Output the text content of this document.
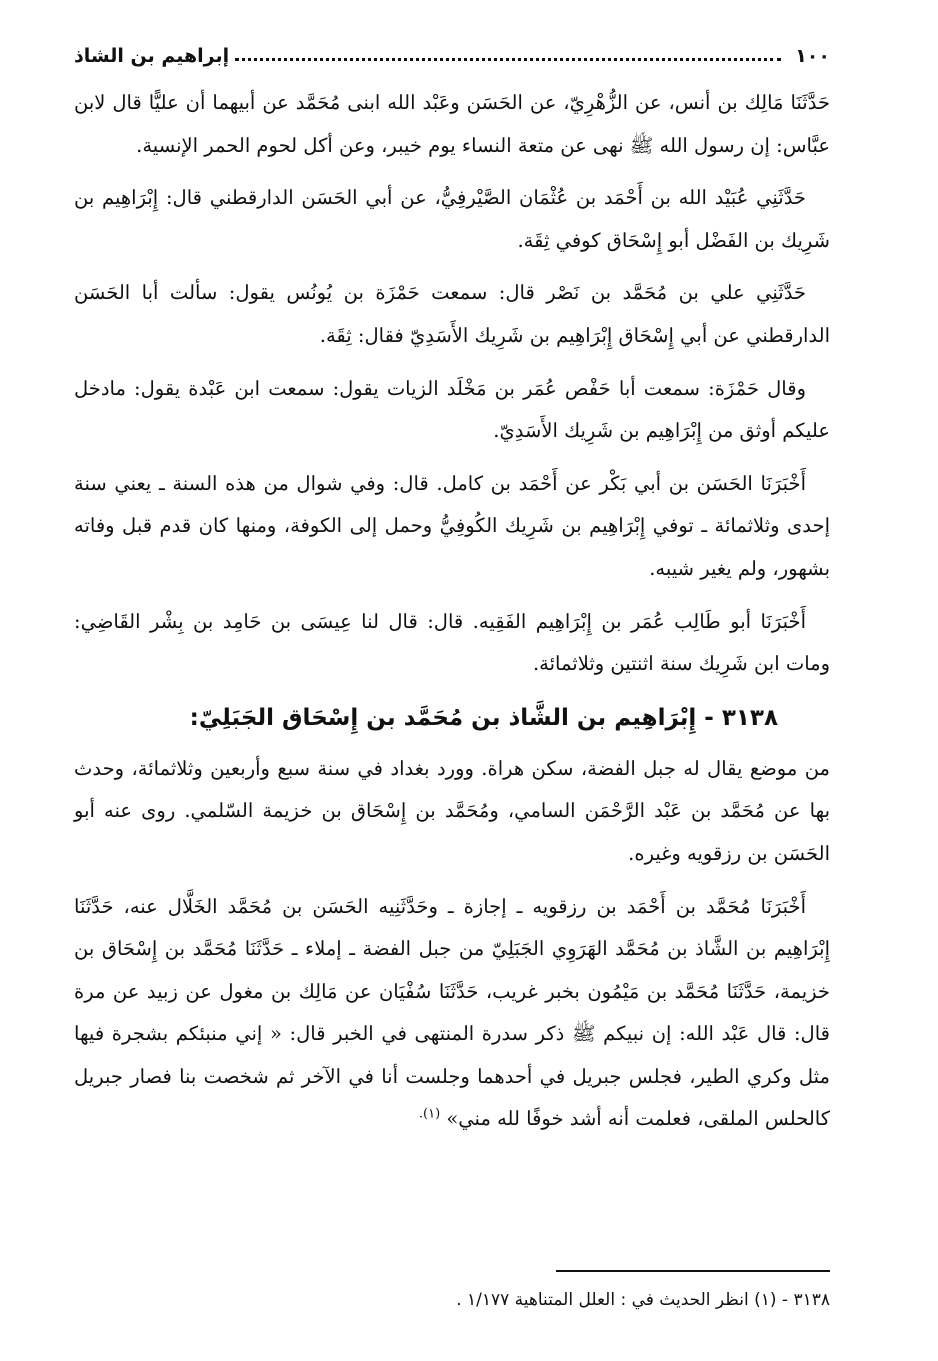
١٠٠
إبراهيم بن الشاذ

حَدَّثَنَا مَالِك بن أنس، عن الزُّهْرِيّ، عن الحَسَن وعَبْد الله ابنى مُحَمَّد عن أبيهما أن عليًّا قال لابن عبَّاس: إن رسول الله ﷺ نهى عن متعة النساء يوم خيبر، وعن أكل لحوم الحمر الإنسية.

حَدَّثَنِي عُبَيْد الله بن أَحْمَد بن عُثْمَان الصَّيْرفِيُّ، عن أبي الحَسَن الدارقطني قال: إِبْرَاهِيم بن شَرِيك بن الفَضْل أبو إِسْحَاق كوفي ثِقَة.

حَدَّثَنِي علي بن مُحَمَّد بن نَصْر قال: سمعت حَمْزَة بن يُونُس يقول: سألت أبا الحَسَن الدارقطني عن أبي إِسْحَاق إِبْرَاهِيم بن شَرِيك الأَسَدِيّ فقال: ثِقَة.

وقال حَمْزَة: سمعت أبا حَفْص عُمَر بن مَخْلَد الزيات يقول: سمعت ابن عَبْدة يقول: مادخل عليكم أوثق من إِبْرَاهِيم بن شَرِيك الأَسَدِيّ.

أَخْبَرَنَا الحَسَن بن أبي بَكْر عن أَحْمَد بن كامل. قال: وفي شوال من هذه السنة ـ يعني سنة إحدى وثلاثمائة ـ توفي إِبْرَاهِيم بن شَرِيك الكُوفِيُّ وحمل إلى الكوفة، ومنها كان قدم قبل وفاته بشهور، ولم يغير شيبه.

أَخْبَرَنَا أبو طَالِب عُمَر بن إِبْرَاهِيم الفَقِيه. قال: قال لنا عِيسَى بن حَامِد بن بِشْر القَاضِي: ومات ابن شَرِيك سنة اثنتين وثلاثمائة.

٣١٣٨ - إِبْرَاهِيم بن الشَّاذ بن مُحَمَّد بن إِسْحَاق الجَبَلِيّ:

من موضع يقال له جبل الفضة، سكن هراة. وورد بغداد في سنة سبع وأربعين وثلاثمائة، وحدث بها عن مُحَمَّد بن عَبْد الرَّحْمَن السامي، ومُحَمَّد بن إِسْحَاق بن خزيمة السّلمي. روى عنه أبو الحَسَن بن رزقويه وغيره.

أَخْبَرَنَا مُحَمَّد بن أَحْمَد بن رزقويه ـ إجازة ـ وحَدَّثَنِيه الحَسَن بن مُحَمَّد الخَلَّال عنه، حَدَّثَنَا إِبْرَاهِيم بن الشَّاذ بن مُحَمَّد الهَرَوِي الجَبَلِيّ من جبل الفضة ـ إملاء ـ حَدَّثَنَا مُحَمَّد بن إِسْحَاق بن خزيمة، حَدَّثَنَا مُحَمَّد بن مَيْمُون بخبر غريب، حَدَّثَنَا سُفْيَان عن مَالِك بن مغول عن زبيد عن مرة قال: قال عَبْد الله: إن نبيكم ﷺ ذكر سدرة المنتهى في الخبر قال: « إني منبئكم بشجرة فيها مثل وكري الطير، فجلس جبريل في أحدهما وجلست أنا في الآخر ثم شخصت بنا فصار جبريل كالحلس الملقى، فعلمت أنه أشد خوفًا لله مني» $^{(١).}$

٣١٣٨ - (١) انظر الحديث في : العلل المتناهية ١/١٧٧ .
